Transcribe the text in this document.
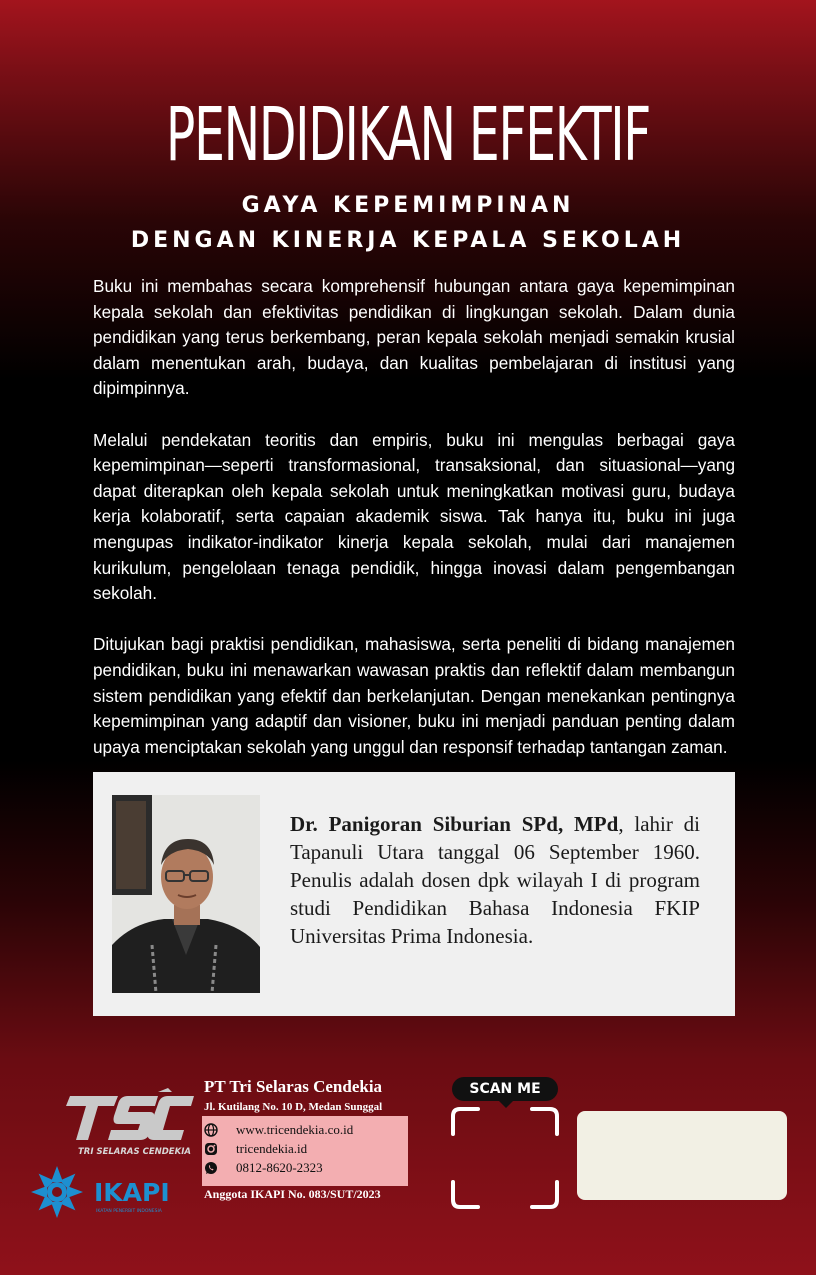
PENDIDIKAN EFEKTIF
GAYA KEPEMIMPINAN
DENGAN KINERJA KEPALA SEKOLAH

Buku ini membahas secara komprehensif hubungan antara gaya kepemimpinan kepala sekolah dan efektivitas pendidikan di lingkungan sekolah. Dalam dunia pendidikan yang terus berkembang, peran kepala sekolah menjadi semakin krusial dalam menentukan arah, budaya, dan kualitas pembelajaran di institusi yang dipimpinnya.

Melalui pendekatan teoritis dan empiris, buku ini mengulas berbagai gaya kepemimpinan—seperti transformasional, transaksional, dan situasional—yang dapat diterapkan oleh kepala sekolah untuk meningkatkan motivasi guru, budaya kerja kolaboratif, serta capaian akademik siswa. Tak hanya itu, buku ini juga mengupas indikator-indikator kinerja kepala sekolah, mulai dari manajemen kurikulum, pengelolaan tenaga pendidik, hingga inovasi dalam pengembangan sekolah.

Ditujukan bagi praktisi pendidikan, mahasiswa, serta peneliti di bidang manajemen pendidikan, buku ini menawarkan wawasan praktis dan reflektif dalam membangun sistem pendidikan yang efektif dan berkelanjutan. Dengan menekankan pentingnya kepemimpinan yang adaptif dan visioner, buku ini menjadi panduan penting dalam upaya menciptakan sekolah yang unggul dan responsif terhadap tantangan zaman.

Dr. Panigoran Siburian SPd, MPd, lahir di Tapanuli Utara tanggal 06 September 1960. Penulis adalah dosen dpk wilayah I di program studi Pendidikan Bahasa Indonesia FKIP Universitas Prima Indonesia.
TRI SELARAS CENDEKIA
IKAPI
IKATAN PENERBIT INDONESIA
PT Tri Selaras Cendekia
Jl. Kutilang No. 10 D, Medan Sunggal
www.tricendekia.co.id
tricendekia.id
0812-8620-2323
Anggota IKAPI No. 083/SUT/2023
SCAN ME
